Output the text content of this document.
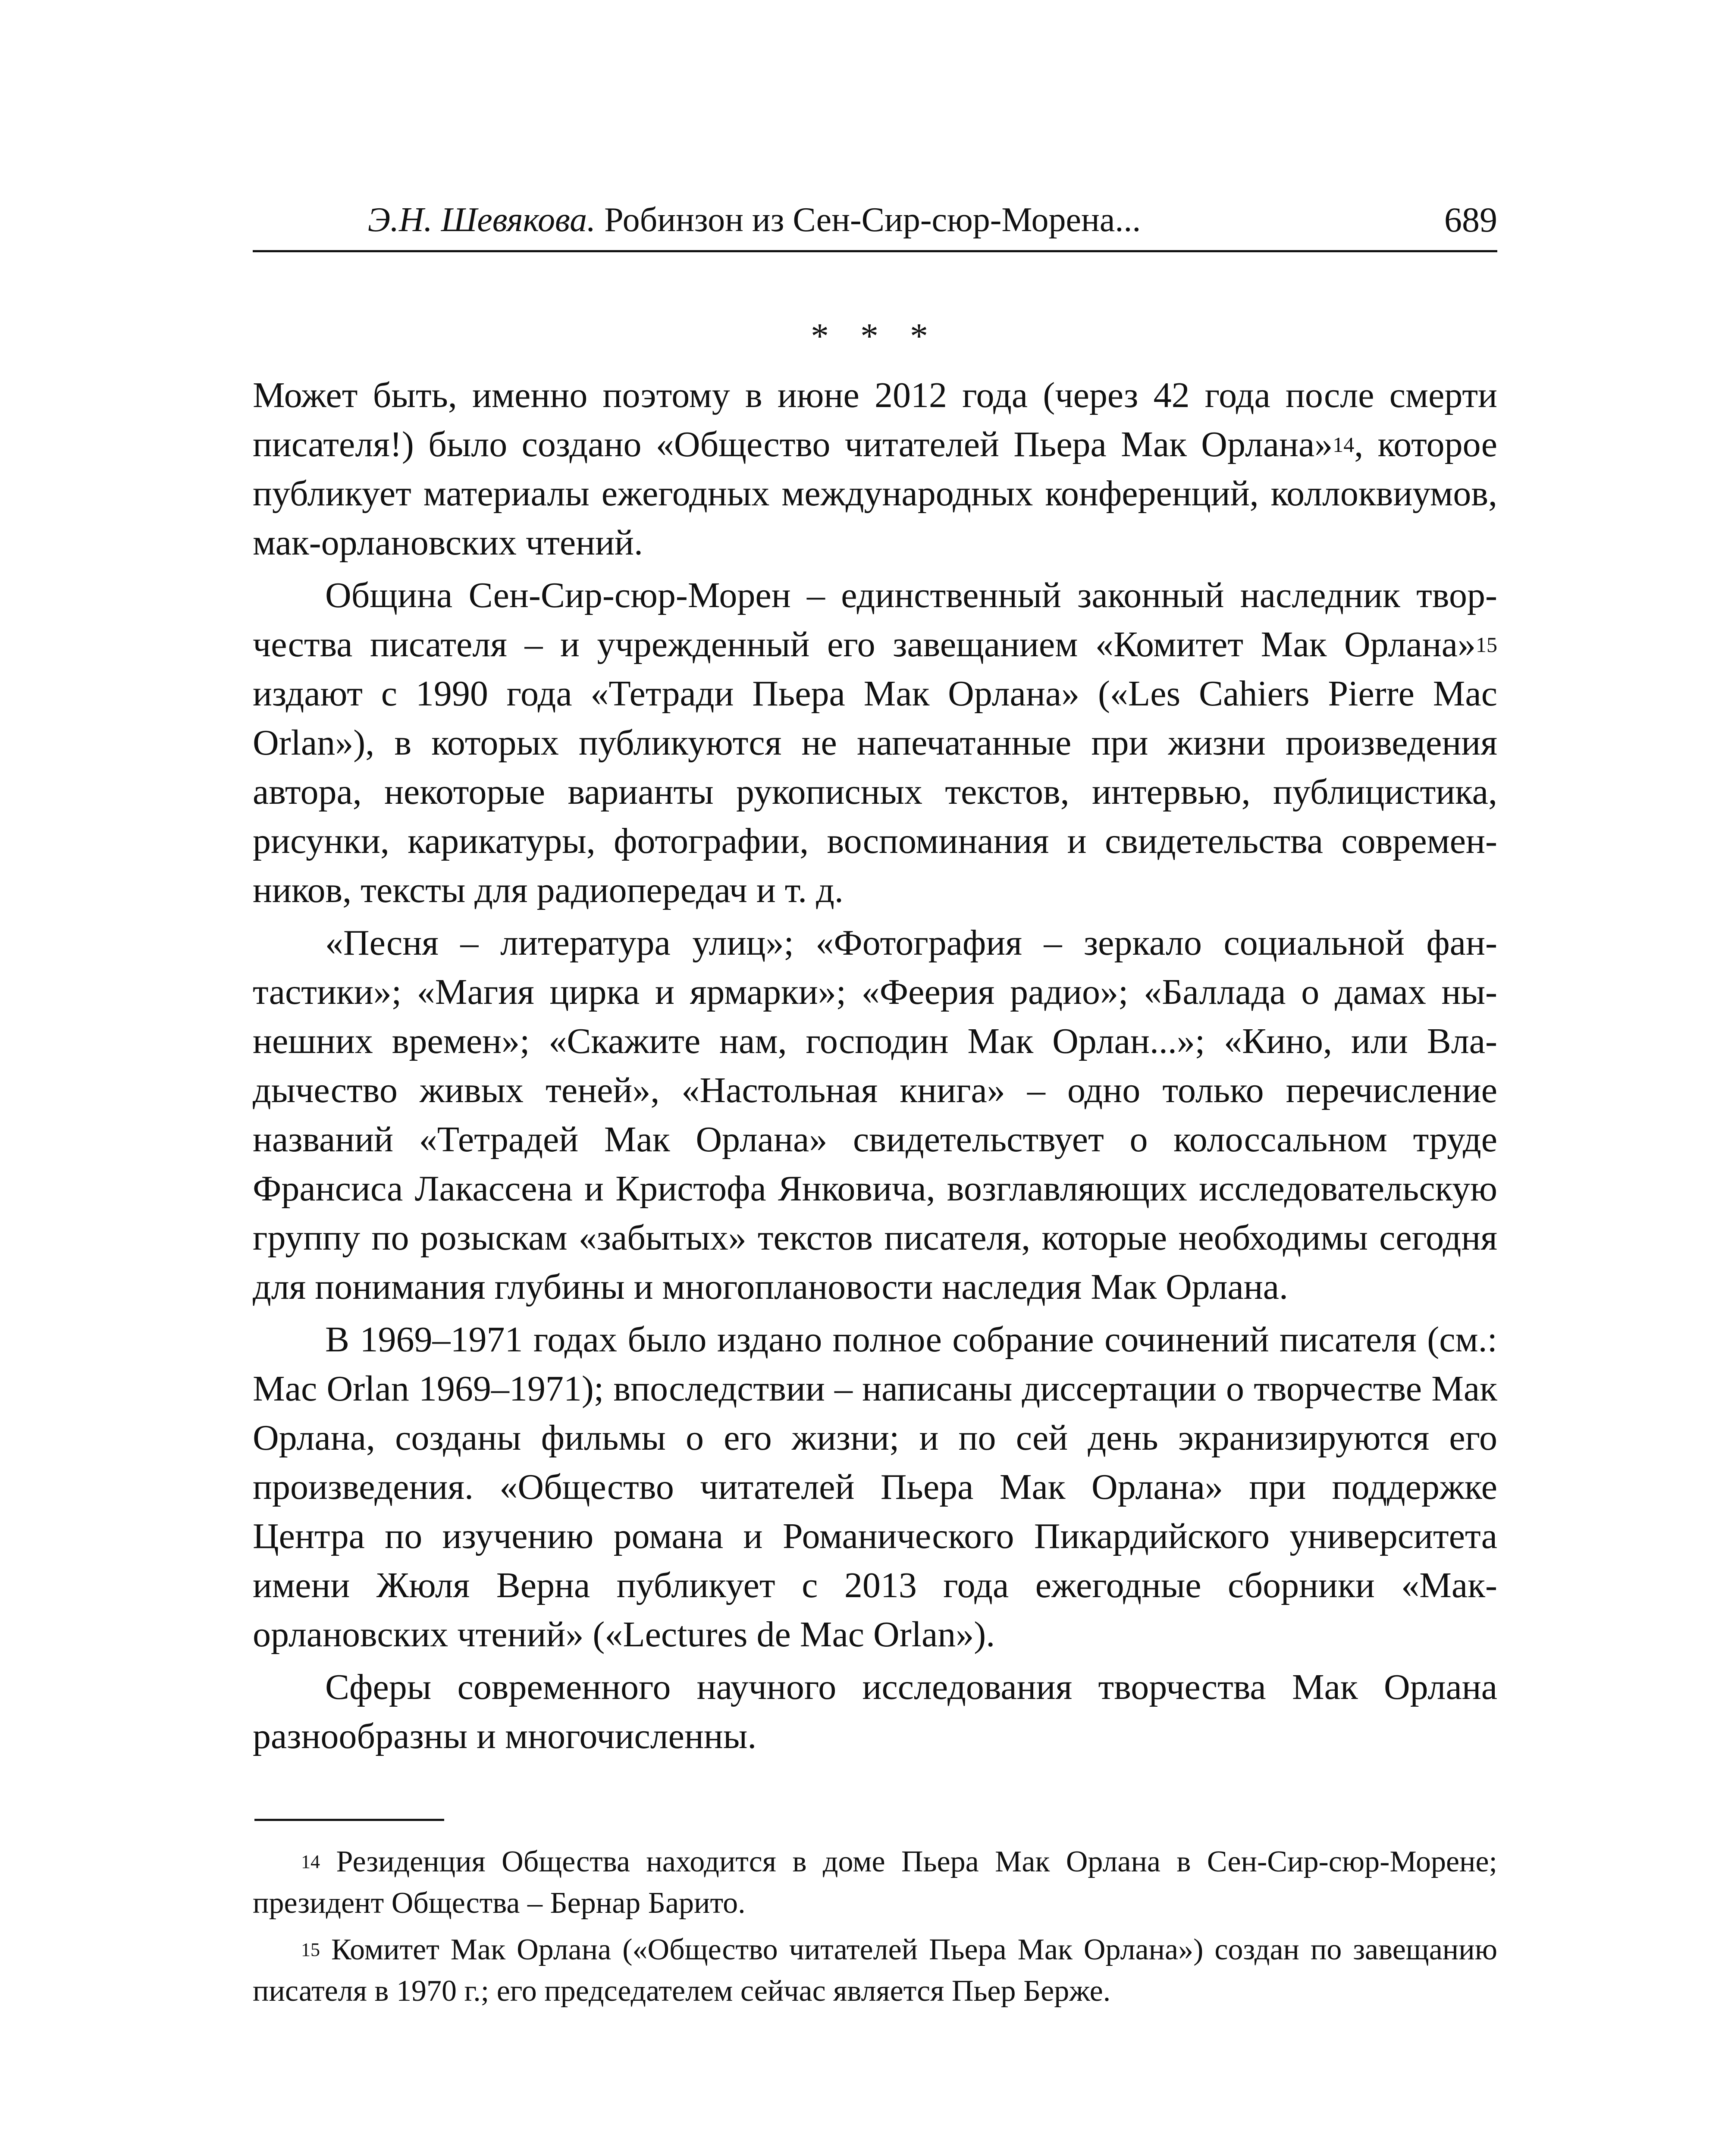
Э.Н. Шевякова. Робинзон из Сен-Сир-сюр-Морена...	689
* * *

Может быть, именно поэтому в июне 2012 года (через 42 года после смерти писателя!) было создано «Общество читателей Пьера Мак Орлана»$^{14}$, которое публикует материалы ежегодных международных конференций, коллоквиумов, мак-орлановских чтений.

Община Сен-Сир-сюр-Морен – единственный законный наследник творчества писателя – и учрежденный его завещанием «Комитет Мак Орлана»$^{15}$ издают с 1990 года «Тетради Пьера Мак Орлана» («Les Cahiers Pierre Mac Orlan»), в которых публикуются не напечатанные при жизни произведения автора, некоторые варианты рукописных текстов, интервью, публицистика, рисунки, карикатуры, фотографии, воспоминания и свидетельства современников, тексты для радиопередач и т. д.

«Песня – литература улиц»; «Фотография – зеркало социальной фантастики»; «Магия цирка и ярмарки»; «Феерия радио»; «Баллада о дамах нынешних времен»; «Скажите нам, господин Мак Орлан...»; «Кино, или Владычество живых теней», «Настольная книга» – одно только перечисление названий «Тетрадей Мак Орлана» свидетельствует о колоссальном труде Франсиса Лакассена и Кристофа Янковича, возглавляющих исследовательскую группу по розыскам «забытых» текстов писателя, которые необходимы сегодня для понимания глубины и многоплановости наследия Мак Орлана.

В 1969–1971 годах было издано полное собрание сочинений писателя (см.: Mac Orlan 1969–1971); впоследствии – написаны диссертации о творчестве Мак Орлана, созданы фильмы о его жизни; и по сей день экранизируются его произведения. «Общество читателей Пьера Мак Орлана» при поддержке Центра по изучению романа и Романического Пикардийского университета имени Жюля Верна публикует с 2013 года ежегодные сборники «Мак-орлановских чтений» («Lectures de Mac Orlan»).

Сферы современного научного исследования творчества Мак Орлана разнообразны и многочисленны.

$^{14}$ Резиденция Общества находится в доме Пьера Мак Орлана в Сен-Сир-сюр-Морене; президент Общества – Бернар Барито.

$^{15}$ Комитет Мак Орлана («Общество читателей Пьера Мак Орлана») создан по завещанию писателя в 1970 г.; его председателем сейчас является Пьер Берже.
